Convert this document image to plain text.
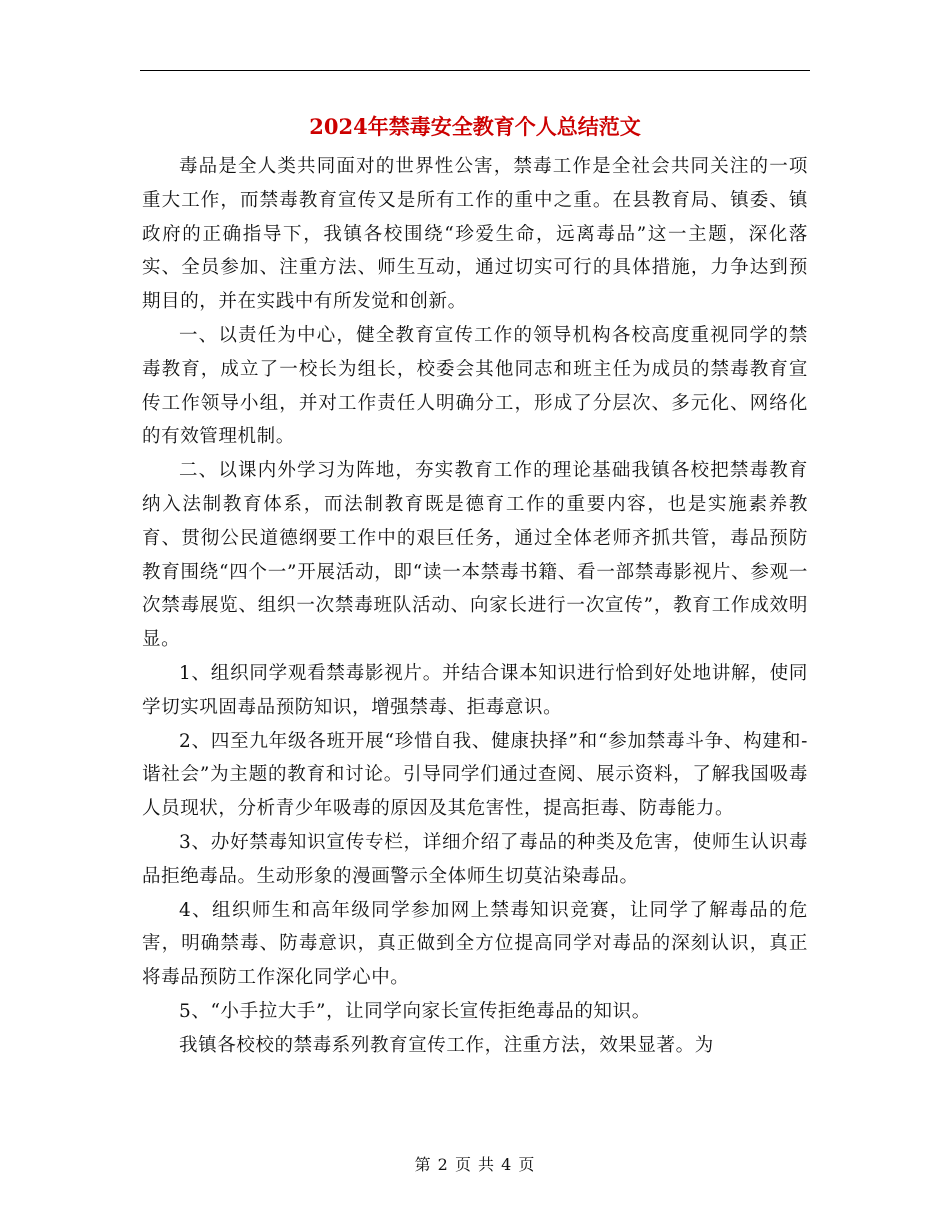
2024年禁毒安全教育个人总结范文

毒品是全人类共同面对的世界性公害，禁毒工作是全社会共同关注的一项重大工作，而禁毒教育宣传又是所有工作的重中之重。在县教育局、镇委、镇政府的正确指导下，我镇各校围绕“珍爱生命，远离毒品”这一主题，深化落实、全员参加、注重方法、师生互动，通过切实可行的具体措施，力争达到预期目的，并在实践中有所发觉和创新。

一、以责任为中心，健全教育宣传工作的领导机构各校高度重视同学的禁毒教育，成立了一校长为组长，校委会其他同志和班主任为成员的禁毒教育宣传工作领导小组，并对工作责任人明确分工，形成了分层次、多元化、网络化的有效管理机制。

二、以课内外学习为阵地，夯实教育工作的理论基础我镇各校把禁毒教育纳入法制教育体系，而法制教育既是德育工作的重要内容，也是实施素养教育、贯彻公民道德纲要工作中的艰巨任务，通过全体老师齐抓共管，毒品预防教育围绕“四个一”开展活动，即“读一本禁毒书籍、看一部禁毒影视片、参观一次禁毒展览、组织一次禁毒班队活动、向家长进行一次宣传”，教育工作成效明显。

1、组织同学观看禁毒影视片。并结合课本知识进行恰到好处地讲解，使同学切实巩固毒品预防知识，增强禁毒、拒毒意识。

2、四至九年级各班开展“珍惜自我、健康抉择”和“参加禁毒斗争、构建和-谐社会”为主题的教育和讨论。引导同学们通过查阅、展示资料，了解我国吸毒人员现状，分析青少年吸毒的原因及其危害性，提高拒毒、防毒能力。

3、办好禁毒知识宣传专栏，详细介绍了毒品的种类及危害，使师生认识毒品拒绝毒品。生动形象的漫画警示全体师生切莫沾染毒品。

4、组织师生和高年级同学参加网上禁毒知识竞赛，让同学了解毒品的危害，明确禁毒、防毒意识，真正做到全方位提高同学对毒品的深刻认识，真正将毒品预防工作深化同学心中。

5、“小手拉大手”，让同学向家长宣传拒绝毒品的知识。

我镇各校校的禁毒系列教育宣传工作，注重方法，效果显著。为

第 2 页 共 4 页
